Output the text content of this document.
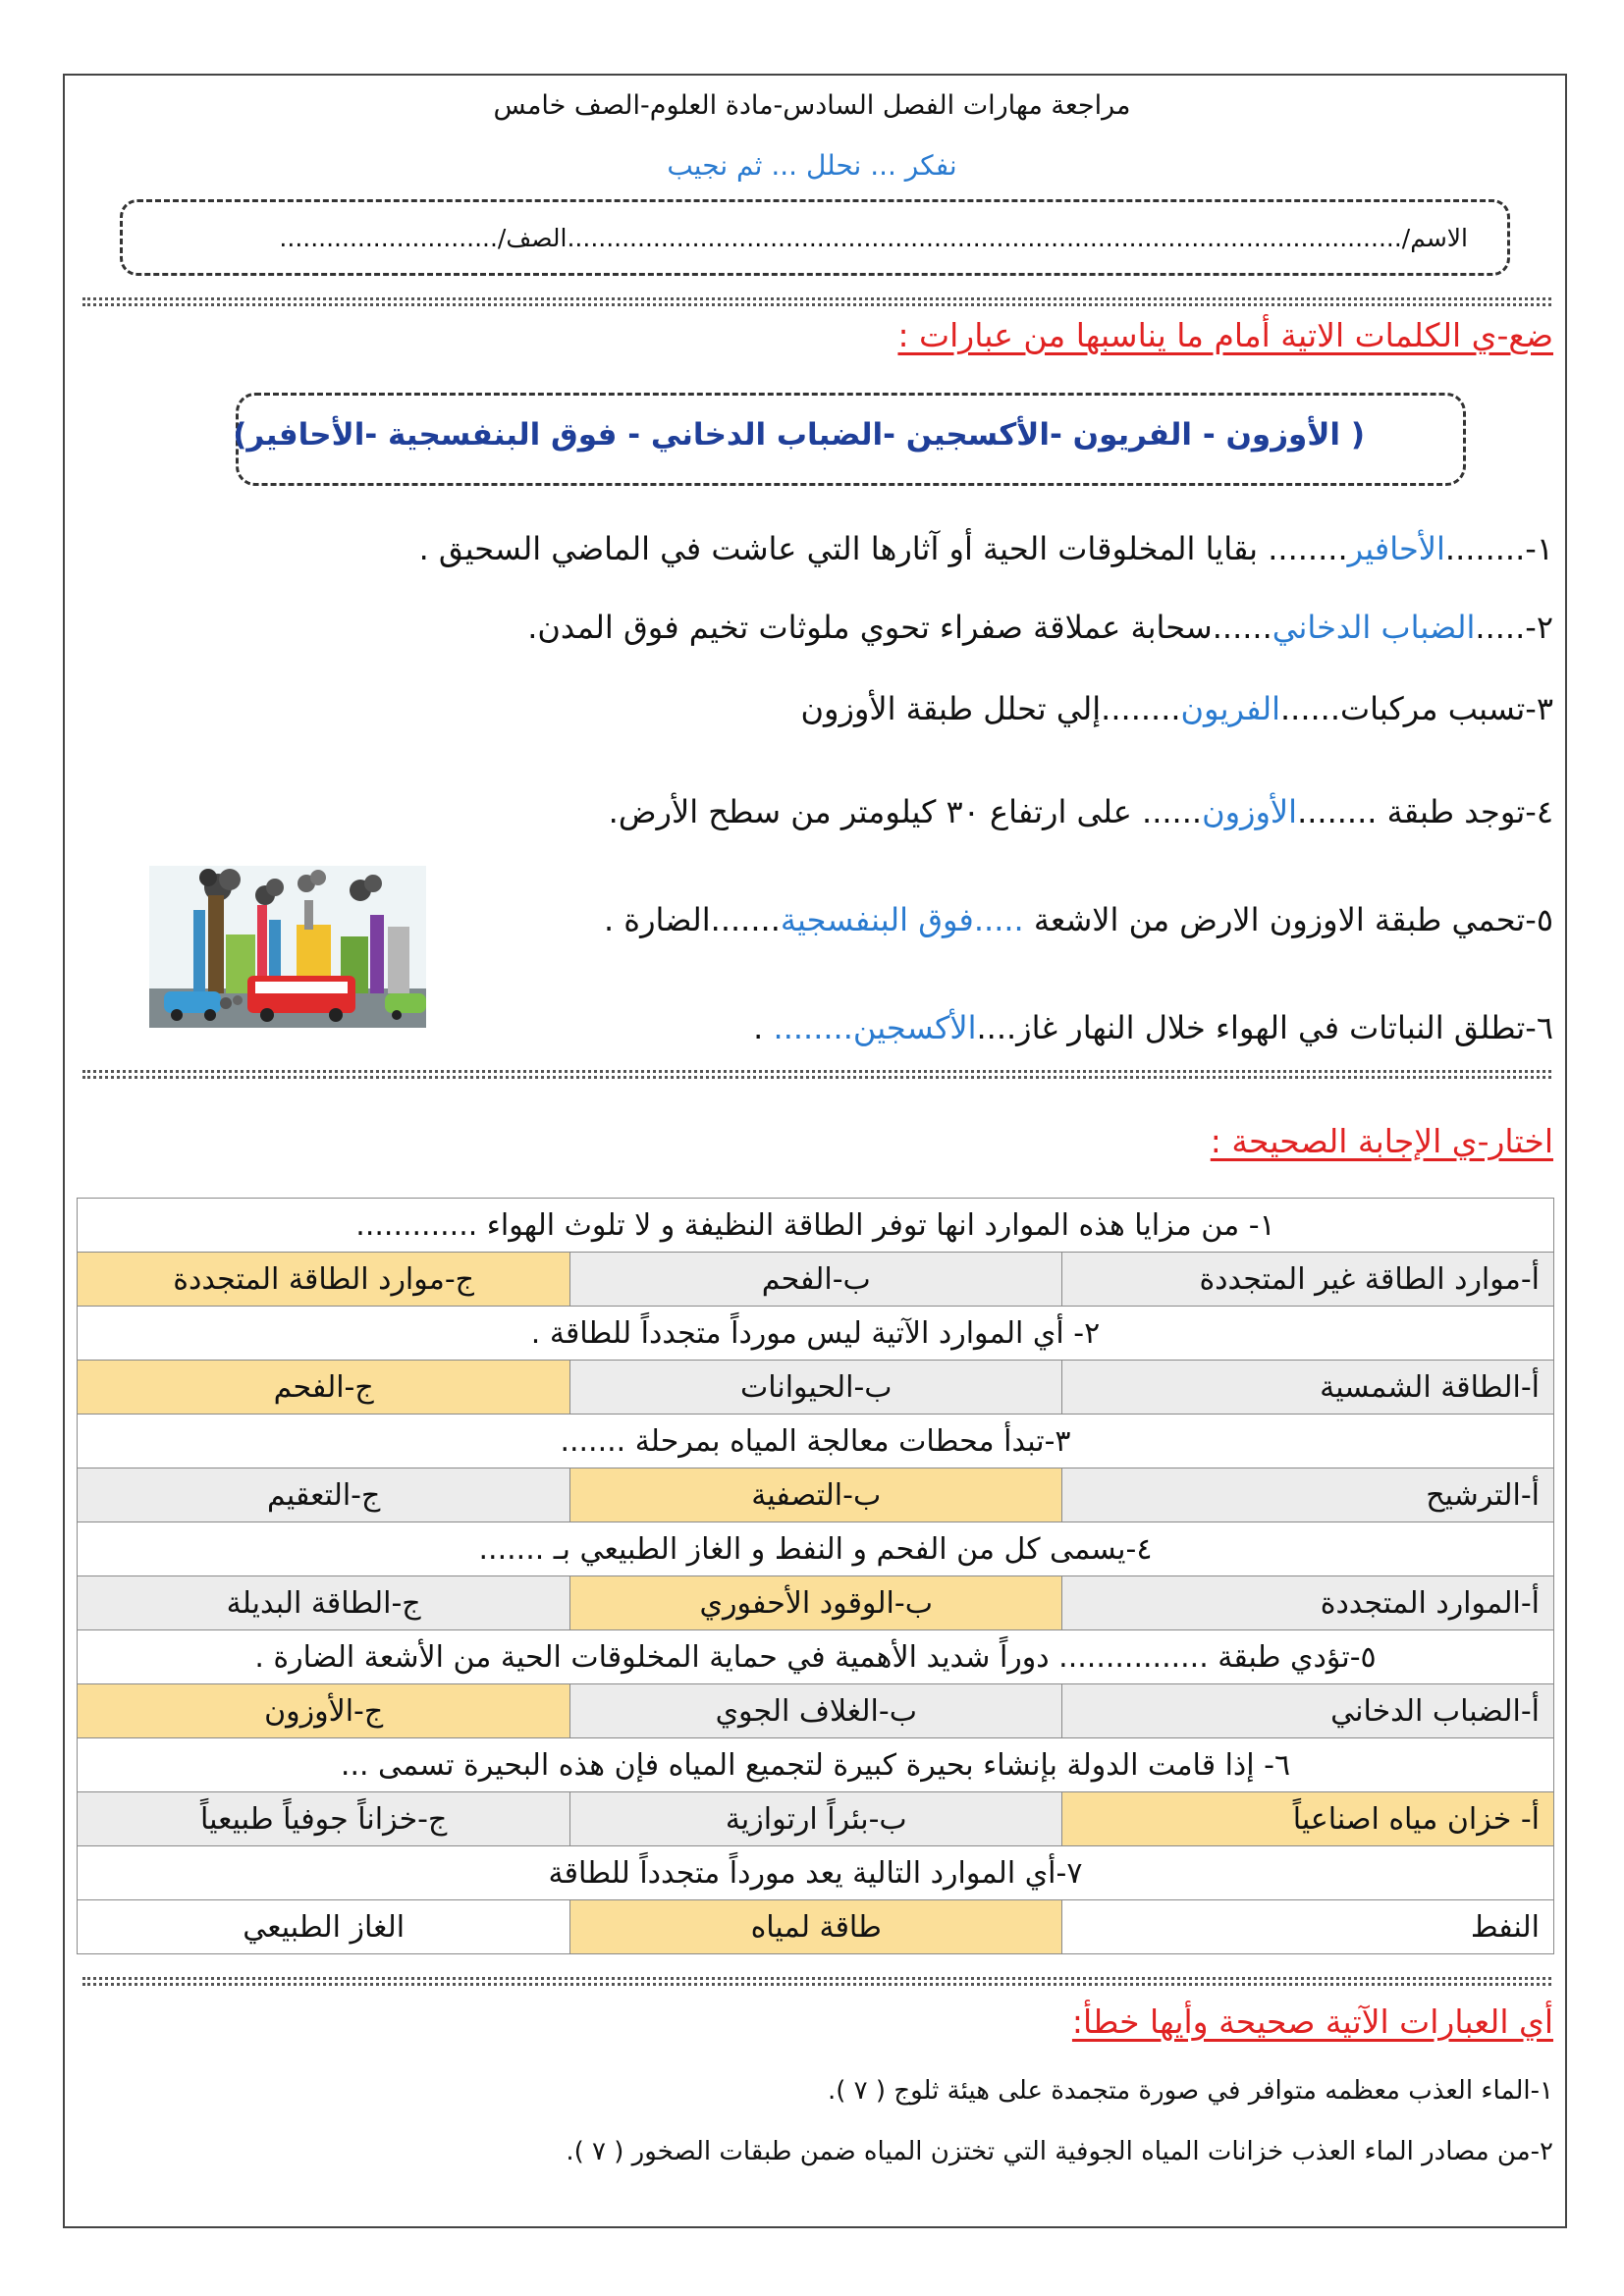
مراجعة مهارات الفصل السادس-مادة العلوم-الصف خامس
نفكر ... نحلل ... ثم نجيب
الاسم/...........................................................................................................الصف/............................
ضع-ي الكلمات الاتية أمام ما يناسبها من عبارات :
( الأوزون - الفريون -الأكسجين -الضباب الدخاني - فوق البنفسجية -الأحافير)
١-........الأحافير........ بقايا المخلوقات الحية أو آثارها التي عاشت في الماضي السحيق .
٢-.....الضباب الدخاني......سحابة عملاقة صفراء تحوي ملوثات تخيم فوق المدن.
٣-تسبب مركبات......الفريون........إلي تحلل طبقة الأوزون
٤-توجد طبقة ........الأوزون...... على ارتفاع ٣٠ كيلومتر من سطح الأرض.
٥-تحمي طبقة الاوزون الارض من الاشعة .....فوق البنفسجية.......الضارة .
٦-تطلق النباتات في الهواء خلال النهار غاز....الأكسجين........ .
اختار-ي الإجابة الصحيحة :
١- من مزايا هذه الموارد انها توفر الطاقة النظيفة و لا تلوث الهواء .............		
أ-موارد الطاقة غير المتجددة	ب-الفحم	ج-موارد الطاقة المتجددة
٢- أي الموارد الآتية ليس مورداً متجدداً للطاقة .		
أ-الطاقة الشمسية	ب-الحيوانات	ج-الفحم
٣-تبدأ محطات معالجة المياه بمرحلة .......		
أ-الترشيح	ب-التصفية	ج-التعقيم
٤-يسمى كل من الفحم و النفط و الغاز الطبيعي بـ .......		
أ-الموارد المتجددة	ب-الوقود الأحفوري	ج-الطاقة البديلة
٥-تؤدي طبقة ................ دوراً شديد الأهمية في حماية المخلوقات الحية من الأشعة الضارة .		
أ-الضباب الدخاني	ب-الغلاف الجوي	ج-الأوزون
٦- إذا قامت الدولة بإنشاء بحيرة كبيرة لتجميع المياه فإن هذه البحيرة تسمى ...		
أ- خزان مياه اصناعياً	ب-بئراً ارتوازية	ج-خزاناً جوفياً طبيعياً
٧-أي الموارد التالية يعد مورداً متجدداً للطاقة		
النفط	طاقة لمياه	الغاز الطبيعي
أي العبارات الآتية صحيحة وأيها خطأ:
١-الماء العذب معظمه متوافر في صورة متجمدة على هيئة ثلوج ( ٧ ).
٢-من مصادر الماء العذب خزانات المياه الجوفية التي تختزن المياه ضمن طبقات الصخور ( ٧ ).
